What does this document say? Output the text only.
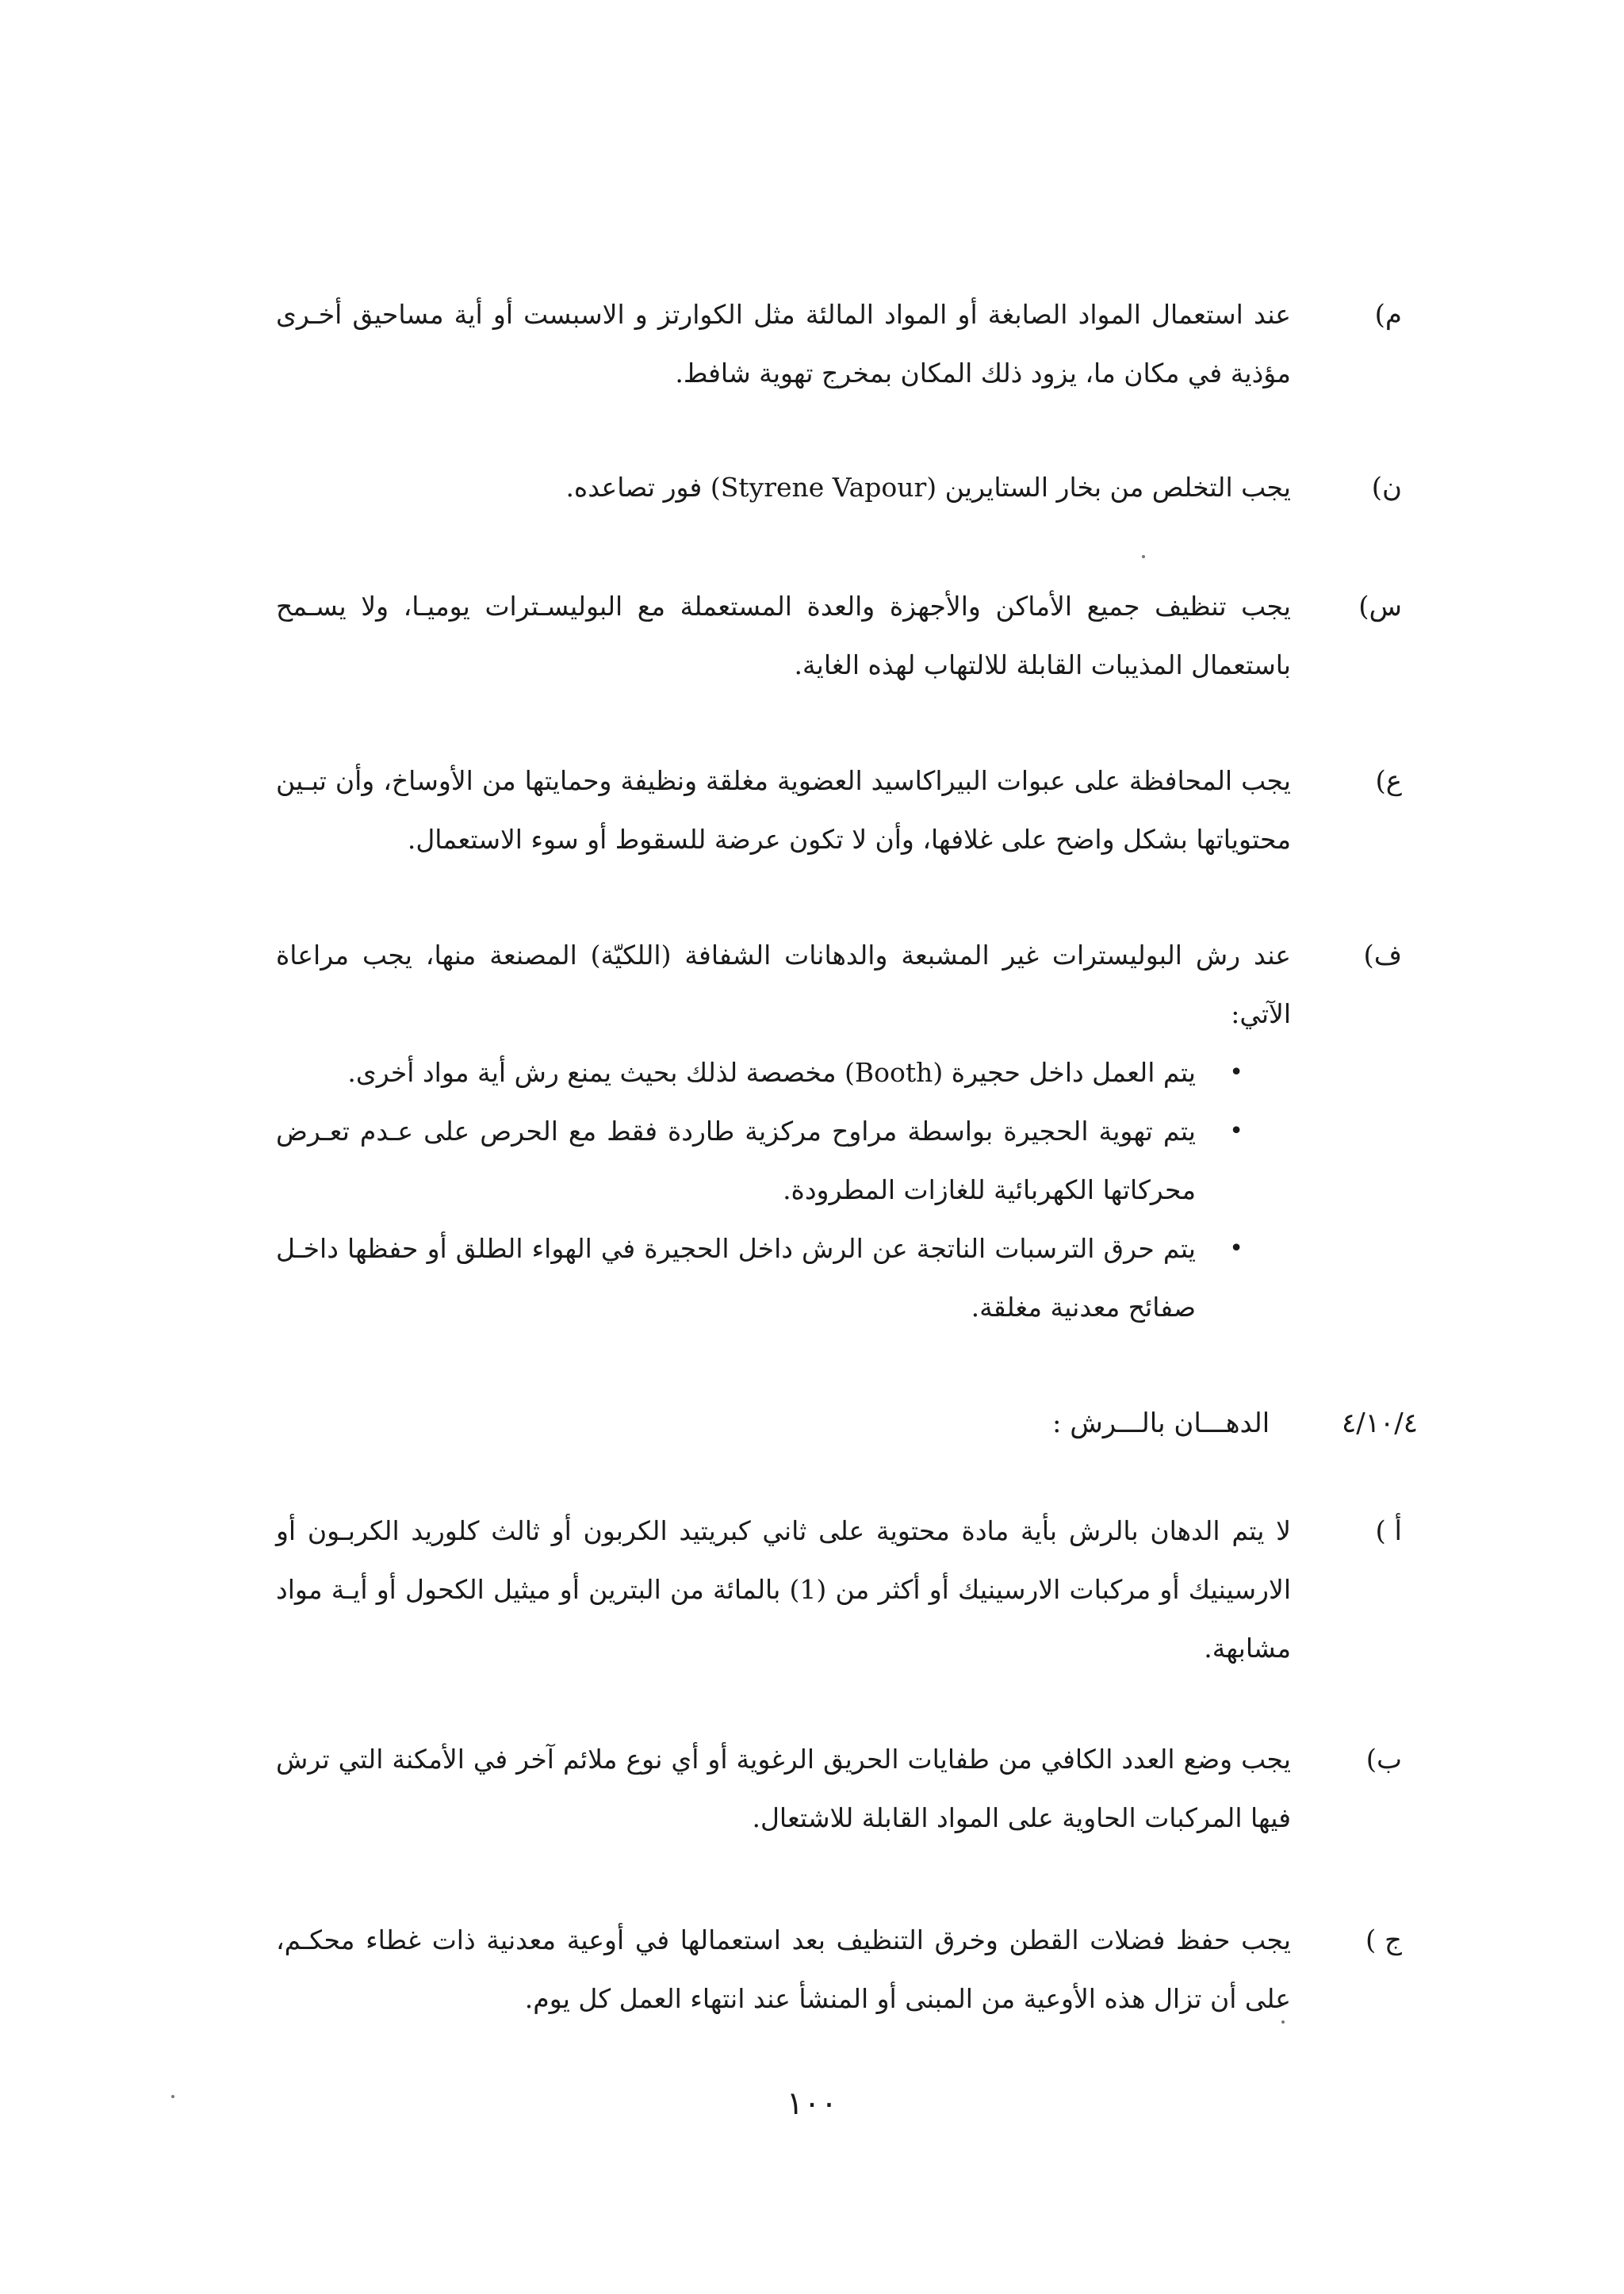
م)
عند استعمال المواد الصابغة أو المواد المالئة مثل الكوارتز و الاسبست أو أية مساحيق أخـرى مؤذية في مكان ما، يزود ذلك المكان بمخرج تهوية شافط.
ن)
يجب التخلص من بخار الستايرين (Styrene Vapour) فور تصاعده.
س)
يجب تنظيف جميع الأماكن والأجهزة والعدة المستعملة مع البوليسـترات يوميـا، ولا يسـمح باستعمال المذيبات القابلة للالتهاب لهذه الغاية.
ع)
يجب المحافظة على عبوات البيراكاسيد العضوية مغلقة ونظيفة وحمايتها من الأوساخ، وأن تبـين محتوياتها بشكل واضح على غلافها، وأن لا تكون عرضة للسقوط أو سوء الاستعمال.
ف)
عند رش البوليسترات غير المشبعة والدهانات الشفافة (اللكيّة) المصنعة منها، يجب مراعاة الآتي:
•
يتم العمل داخل حجيرة (Booth) مخصصة لذلك بحيث يمنع رش أية مواد أخرى.
•
يتم تهوية الحجيرة بواسطة مراوح مركزية طاردة فقط مع الحرص على عـدم تعـرض محركاتها الكهربائية للغازات المطرودة.
•
يتم حرق الترسبات الناتجة عن الرش داخل الحجيرة في الهواء الطلق أو حفظها داخـل صفائح معدنية مغلقة.
٤/١٠/٤ الدهـــان بالـــرش :
أ )
لا يتم الدهان بالرش بأية مادة محتوية على ثاني كبريتيد الكربون أو ثالث كلوريد الكربـون أو الارسينيك أو مركبات الارسينيك أو أكثر من (1) بالمائة من البترين أو ميثيل الكحول أو أيـة مواد مشابهة.
ب)
يجب وضع العدد الكافي من طفايات الحريق الرغوية أو أي نوع ملائم آخر في الأمكنة التي ترش فيها المركبات الحاوية على المواد القابلة للاشتعال.
ج )
يجب حفظ فضلات القطن وخرق التنظيف بعد استعمالها في أوعية معدنية ذات غطاء محكـم، على أن تزال هذه الأوعية من المبنى أو المنشأ عند انتهاء العمل كل يوم.
١٠٠
